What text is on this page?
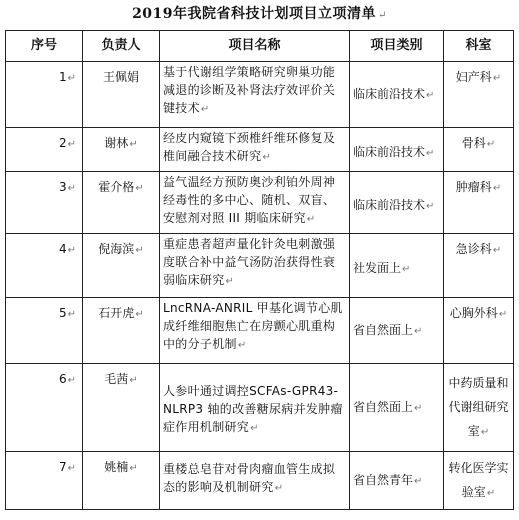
2019年我院省科技计划项目立项清单 ↵
序号	负责人	项目名称	项目类别	科室
1↵	王佩娟	基于代谢组学策略研究卵巢功能减退的诊断及补肾法疗效评价关键技术↵	临床前沿技术↵	妇产科↵
2↵	谢林↵	经皮内窥镜下颈椎纤维环修复及椎间融合技术研究↵	临床前沿技术↵	骨科↵
3↵	霍介格↵	益气温经方预防奥沙利铂外周神经毒性的多中心、随机、双盲、安慰剂对照 III 期临床研究↵	临床前沿技术↵	肿瘤科↵
4↵	倪海滨↵	重症患者超声量化针灸电刺激强度联合补中益气汤防治获得性衰弱临床研究↵	社发面上↵	急诊科↵
5↵	石开虎↵	LncRNA-ANRIL 甲基化调节心肌成纤维细胞焦亡在房颤心肌重构中的分子机制↵	省自然面上↵	心胸外科↵
6↵	毛茜↵	人参叶通过调控SCFAs-GPR43-NLRP3 轴的改善糖尿病并发肿瘤症作用机制研究↵	省自然面上↵	中药质量和代谢组研究室↵
7↵	姚楠↵	重楼总皂苷对骨肉瘤血管生成拟态的影响及机制研究↵	省自然青年↵	转化医学实验室↵
